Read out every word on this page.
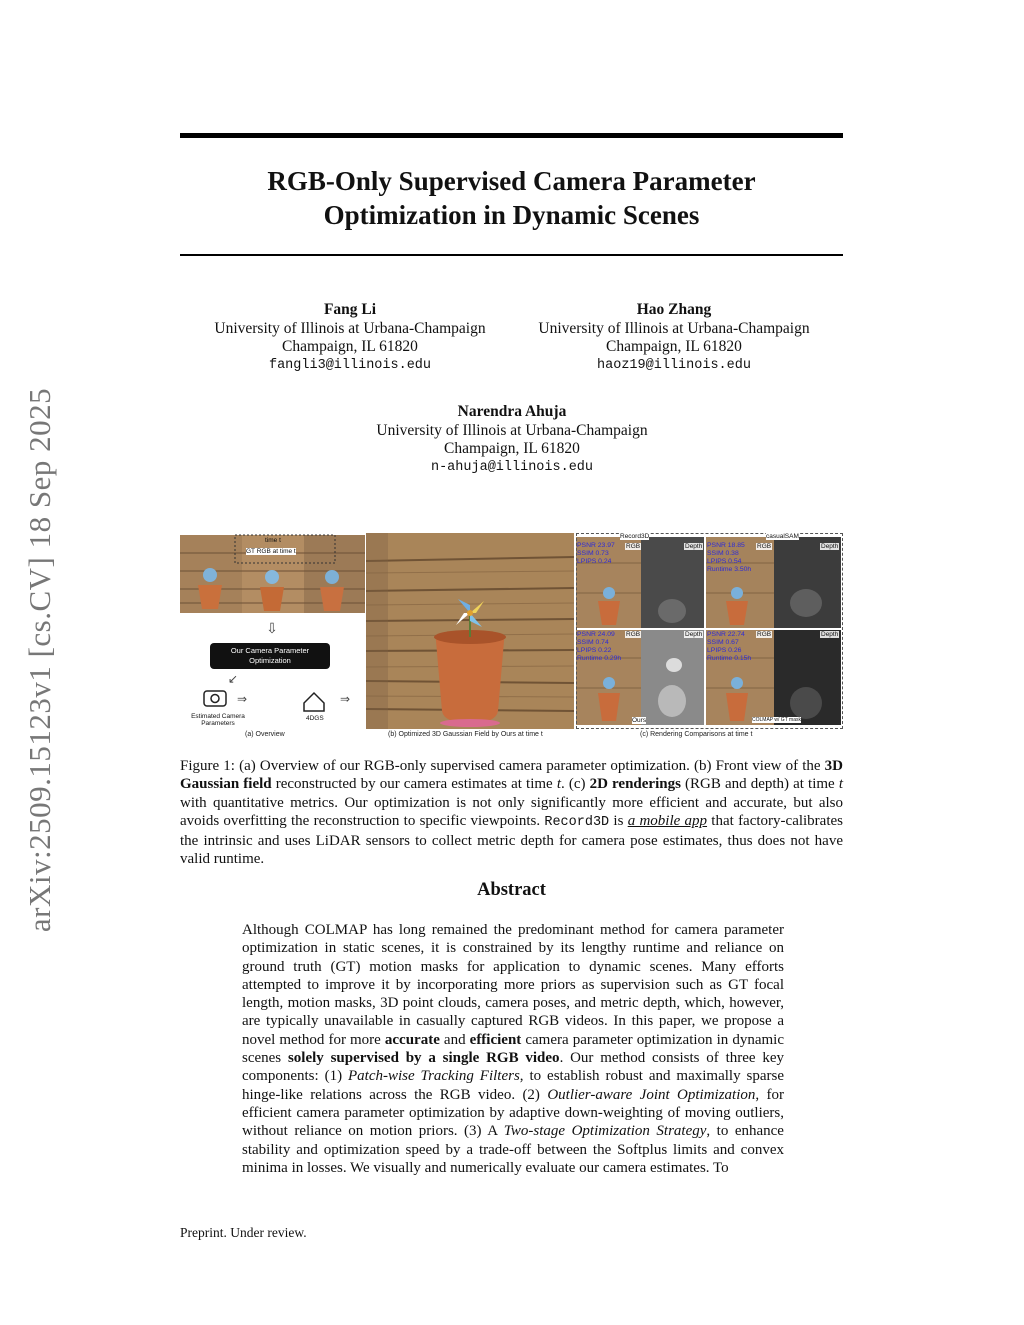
arXiv:2509.15123v1 [cs.CV] 18 Sep 2025
RGB-Only Supervised Camera Parameter
Optimization in Dynamic Scenes
Fang Li
University of Illinois at Urbana-Champaign
Champaign, IL 61820
fangli3@illinois.edu
Hao Zhang
University of Illinois at Urbana-Champaign
Champaign, IL 61820
haoz19@illinois.edu
Narendra Ahuja
University of Illinois at Urbana-Champaign
Champaign, IL 61820
n-ahuja@illinois.edu
⇩
⇒	⇒
↙
time t
GT RGB at time t
Our Camera Parameter Optimization
Estimated Camera Parameters
4DGS
(a) Overview	(b) Optimized 3D Gaussian Field by Ours at time t
Record3D	casualSAM
PSNR 23.97
SSIM 0.73
LPIPS 0.24
PSNR 18.85
SSIM 0.38
LPIPS 0.54
Runtime 3.50h
PSNR 24.09
SSIM 0.74
LPIPS 0.22
Runtime 0.29h
PSNR 22.74
SSIM 0.67
LPIPS 0.26
Runtime 0.15h
RGB	Depth	RGB	Depth
RGB	Depth	RGB	Depth
Ours	COLMAP w/ GT mask
(c) Rendering Comparisons at time t
Figure 1: (a) Overview of our RGB-only supervised camera parameter optimization. (b) Front view of the 3D Gaussian field reconstructed by our camera estimates at time t. (c) 2D renderings (RGB and depth) at time t with quantitative metrics. Our optimization is not only significantly more efficient and accurate, but also avoids overfitting the reconstruction to specific viewpoints. Record3D is a mobile app that factory-calibrates the intrinsic and uses LiDAR sensors to collect metric depth for camera pose estimates, thus does not have valid runtime.
Abstract
Although COLMAP has long remained the predominant method for camera parameter optimization in static scenes, it is constrained by its lengthy runtime and reliance on ground truth (GT) motion masks for application to dynamic scenes. Many efforts attempted to improve it by incorporating more priors as supervision such as GT focal length, motion masks, 3D point clouds, camera poses, and metric depth, which, however, are typically unavailable in casually captured RGB videos. In this paper, we propose a novel method for more accurate and efficient camera parameter optimization in dynamic scenes solely supervised by a single RGB video. Our method consists of three key components: (1) Patch-wise Tracking Filters, to establish robust and maximally sparse hinge-like relations across the RGB video. (2) Outlier-aware Joint Optimization, for efficient camera parameter optimization by adaptive down-weighting of moving outliers, without reliance on motion priors. (3) A Two-stage Optimization Strategy, to enhance stability and optimization speed by a trade-off between the Softplus limits and convex minima in losses. We visually and numerically evaluate our camera estimates. To
Preprint. Under review.
